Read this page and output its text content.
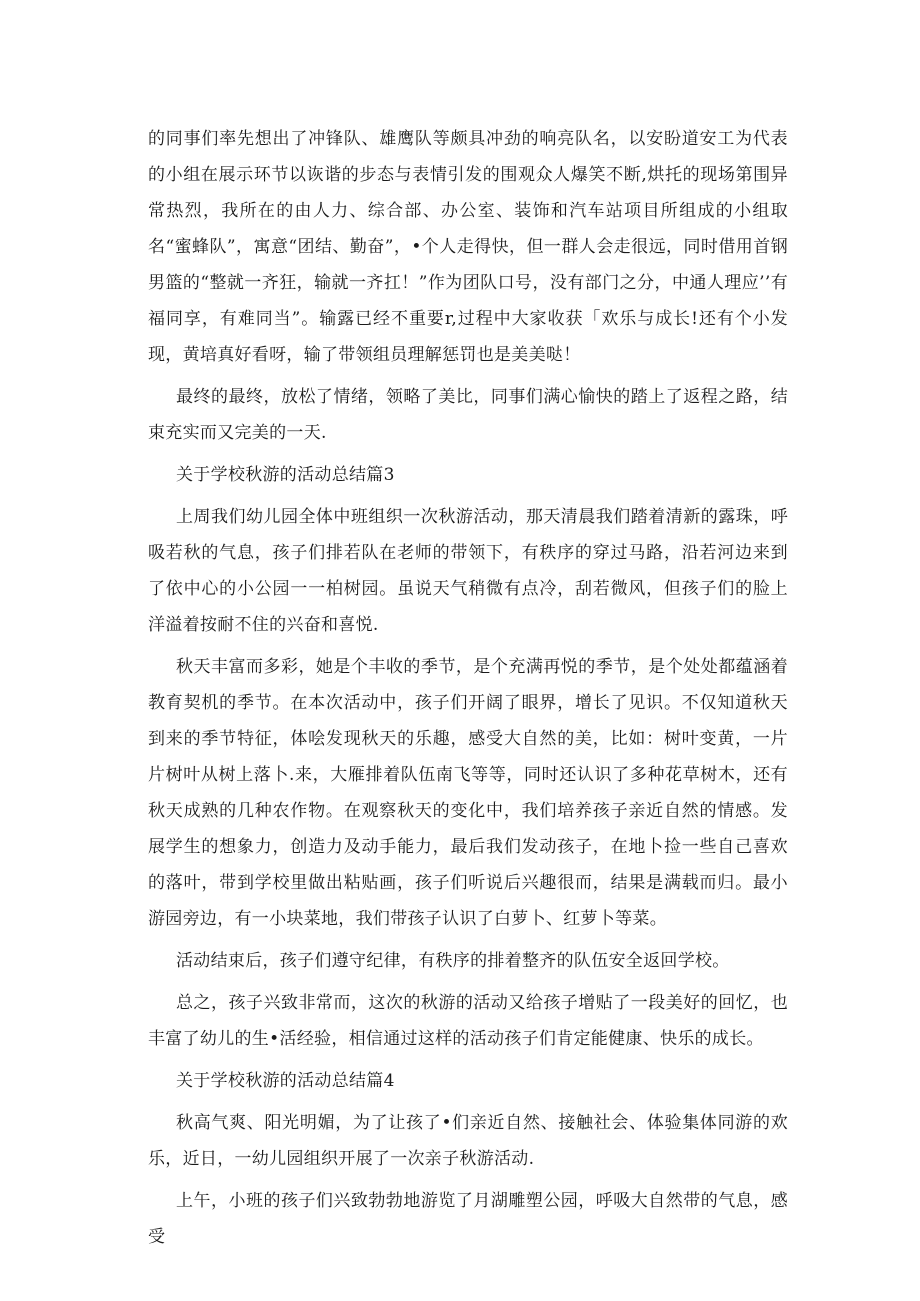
的同事们率先想出了冲锋队、雄鹰队等颇具冲劲的响亮队名，以安盼道安工为代表的小组在展示环节以诙谐的步态与表情引发的围观众人爆笑不断,烘托的现场第围异常热烈，我所在的由人力、综合部、办公室、装饰和汽车站项目所组成的小组取名“蜜蜂队”，寓意“团结、勤奋”，•个人走得快，但一群人会走很远，同时借用首钢男篮的“整就一齐狂，输就一齐扛！”作为团队口号，没有部门之分，中通人理应’’有福同享，有难同当”。输露已经不重要r,过程中大家收获「欢乐与成长!还有个小发现，黄培真好看呀，输了带领组员理解惩罚也是美美哒！

最终的最终，放松了情绪，领略了美比，同事们满心愉快的踏上了返程之路，结束充实而又完美的一天.

关于学校秋游的活动总结篇3

上周我们幼儿园全体中班组织一次秋游活动，那天清晨我们踏着清新的露珠，呼吸若秋的气息，孩子们排若队在老师的带领下，有秩序的穿过马路，沿若河边来到了依中心的小公园一一柏树园。虽说天气稍微有点冷，刮若微风，但孩子们的脸上洋溢着按耐不住的兴奋和喜悦.

秋天丰富而多彩，她是个丰收的季节，是个充满再悦的季节，是个处处都蕴涵着教育契机的季节。在本次活动中，孩子们开阔了眼界，增长了见识。不仅知道秋天到来的季节特征，体哙发现秋天的乐趣，感受大自然的美，比如：树叶变黄，一片片树叶从树上落卜.来，大雁排着队伍南飞等等，同时还认识了多种花草树木，还有秋天成熟的几种农作物。在观察秋天的变化中，我们培养孩子亲近自然的情感。发展学生的想象力，创造力及动手能力，最后我们发动孩子，在地卜捡一些自己喜欢的落叶，带到学校里做出粘贴画，孩子们听说后兴趣很而，结果是满载而归。最小游园旁边，有一小块菜地，我们带孩子认识了白萝卜、红萝卜等菜。

活动结束后，孩子们遵守纪律，有秩序的排着整齐的队伍安全返回学校。

总之，孩子兴致非常而，这次的秋游的活动又给孩子增贴了一段美好的回忆，也丰富了幼儿的生•活经验，相信通过这样的活动孩子们肯定能健康、快乐的成长。

关于学校秋游的活动总结篇4

秋高气爽、阳光明媚，为了让孩了•们亲近自然、接触社会、体验集体同游的欢乐，近日，一幼儿园组织开展了一次亲子秋游活动.

上午，小班的孩子们兴致勃勃地游览了月湖雕塑公园，呼吸大自然带的气息，感受
